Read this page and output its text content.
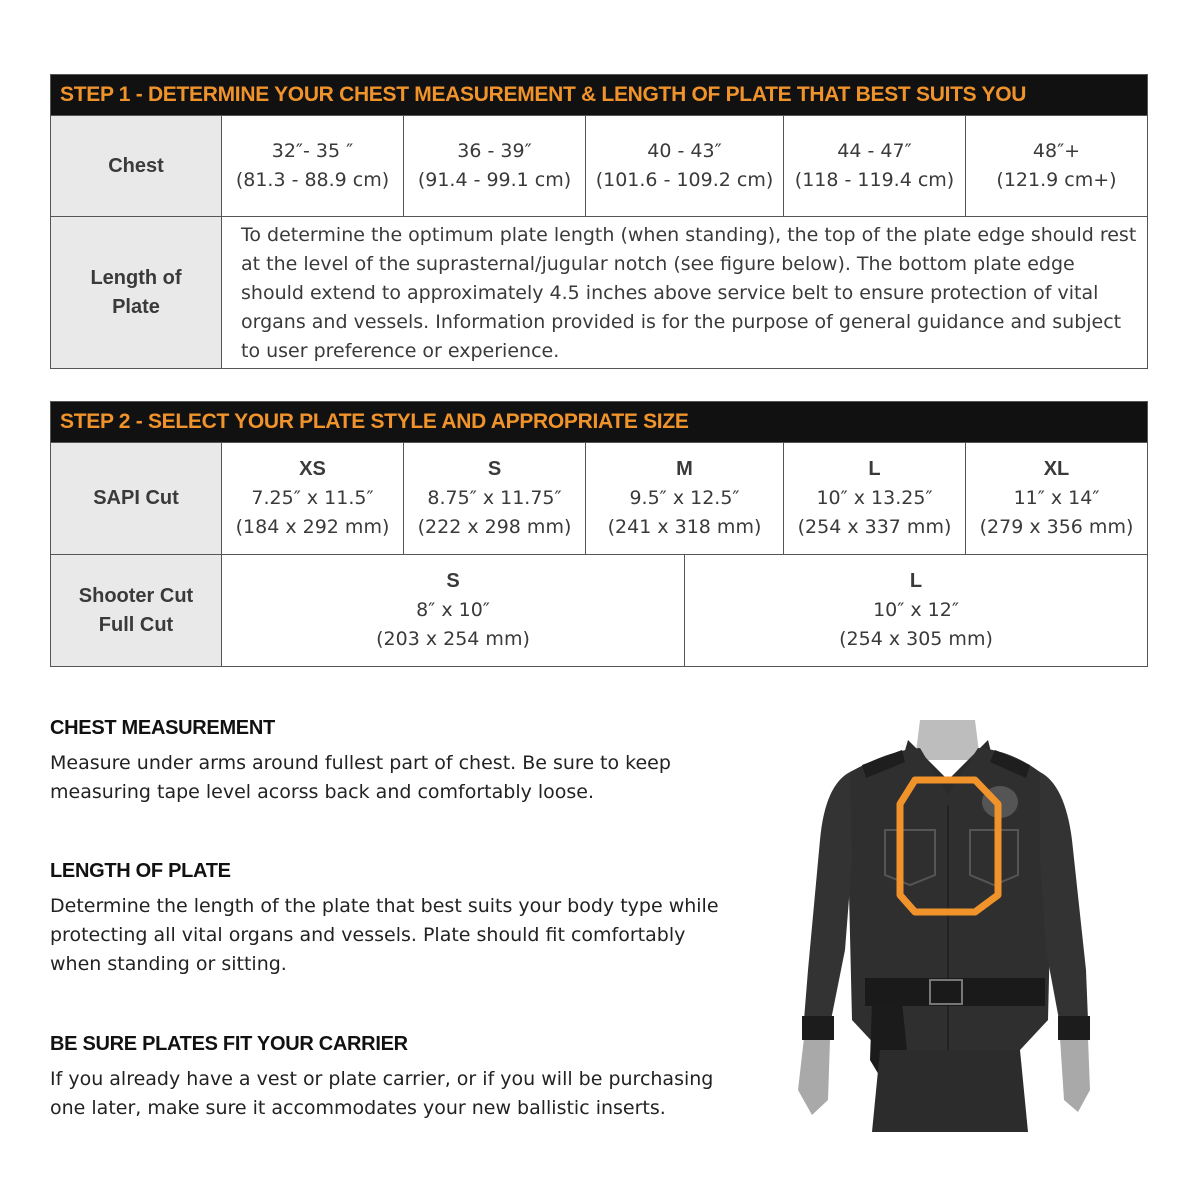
STEP 1 - DETERMINE YOUR CHEST MEASUREMENT & LENGTH OF PLATE THAT BEST SUITS YOU
Chest
32″- 35 ″
(81.3 - 88.9 cm)
36 - 39″
(91.4 - 99.1 cm)
40 - 43″
(101.6 - 109.2 cm)
44 - 47″
(118 - 119.4 cm)
48″+
(121.9 cm+)
Length of
Plate
To determine the optimum plate length (when standing), the top of the plate edge should rest at the level of the suprasternal/jugular notch (see figure below). The bottom plate edge should extend to approximately 4.5 inches above service belt to ensure protection of vital organs and vessels. Information provided is for the purpose of general guidance and subject to user preference or experience.
STEP 2 - SELECT YOUR PLATE STYLE AND APPROPRIATE SIZE
SAPI Cut
XS
7.25″ x 11.5″
(184 x 292 mm)
S
8.75″ x 11.75″
(222 x 298 mm)
M
9.5″ x 12.5″
(241 x 318 mm)
L
10″ x 13.25″
(254 x 337 mm)
XL
11″ x 14″
(279 x 356 mm)
Shooter Cut
Full Cut
S
8″ x 10″
(203 x 254 mm)
L
10″ x 12″
(254 x 305 mm)
CHEST MEASUREMENT
Measure under arms around fullest part of chest. Be sure to keep
measuring tape level acorss back and comfortably loose.
LENGTH OF PLATE
Determine the length of the plate that best suits your body type while
protecting all vital organs and vessels. Plate should fit comfortably
when standing or sitting.
BE SURE PLATES FIT YOUR CARRIER
If you already have a vest or plate carrier, or if you will be purchasing
one later, make sure it accommodates your new ballistic inserts.
